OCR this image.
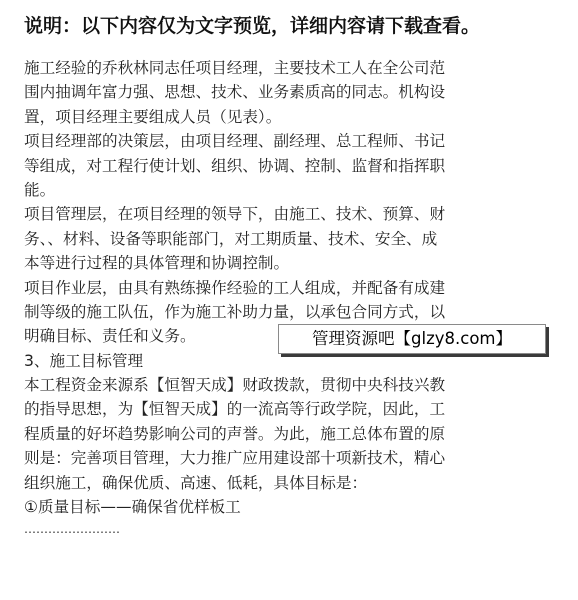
说明：以下内容仅为文字预览，详细内容请下载查看。
施工经验的乔秋林同志任项目经理，主要技术工人在全公司范
围内抽调年富力强、思想、技术、业务素质高的同志。机构设
置，项目经理主要组成人员（见表）。
项目经理部的决策层，由项目经理、副经理、总工程师、书记
等组成，对工程行使计划、组织、协调、控制、监督和指挥职
能。
项目管理层，在项目经理的领导下，由施工、技术、预算、财
务、、材料、设备等职能部门，对工期质量、技术、安全、成
本等进行过程的具体管理和协调控制。
项目作业层，由具有熟练操作经验的工人组成，并配备有成建
制等级的施工队伍，作为施工补助力量，以承包合同方式，以
明确目标、责任和义务。
3、施工目标管理
本工程资金来源系【恒智天成】财政拨款，贯彻中央科技兴教
的指导思想，为【恒智天成】的一流高等行政学院，因此，工
程质量的好坏趋势影响公司的声誉。为此，施工总体布置的原
则是：完善项目管理，大力推广应用建设部十项新技术，精心
组织施工，确保优质、高速、低耗，具体目标是：
①质量目标——确保省优样板工
……………………
管理资源吧【glzy8.com】
